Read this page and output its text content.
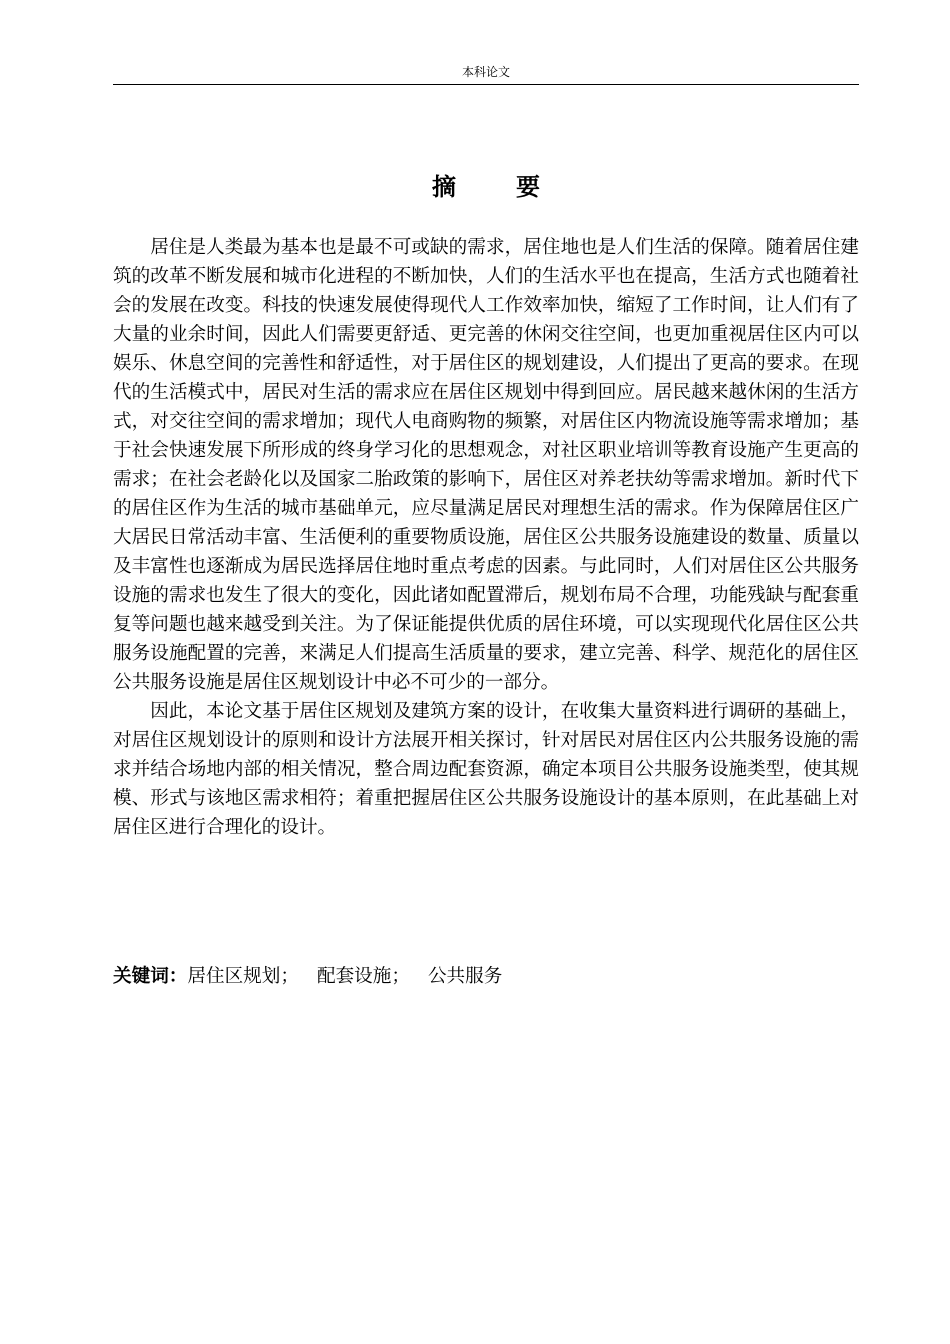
本科论文
摘要

居住是人类最为基本也是最不可或缺的需求，居住地也是人们生活的保障。随着居住建筑的改革不断发展和城市化进程的不断加快，人们的生活水平也在提高，生活方式也随着社会的发展在改变。科技的快速发展使得现代人工作效率加快，缩短了工作时间，让人们有了大量的业余时间，因此人们需要更舒适、更完善的休闲交往空间，也更加重视居住区内可以娱乐、休息空间的完善性和舒适性，对于居住区的规划建设，人们提出了更高的要求。在现代的生活模式中，居民对生活的需求应在居住区规划中得到回应。居民越来越休闲的生活方式，对交往空间的需求增加；现代人电商购物的频繁，对居住区内物流设施等需求增加；基于社会快速发展下所形成的终身学习化的思想观念，对社区职业培训等教育设施产生更高的需求；在社会老龄化以及国家二胎政策的影响下，居住区对养老扶幼等需求增加。新时代下的居住区作为生活的城市基础单元，应尽量满足居民对理想生活的需求。作为保障居住区广大居民日常活动丰富、生活便利的重要物质设施，居住区公共服务设施建设的数量、质量以及丰富性也逐渐成为居民选择居住地时重点考虑的因素。与此同时，人们对居住区公共服务设施的需求也发生了很大的变化，因此诸如配置滞后，规划布局不合理，功能残缺与配套重复等问题也越来越受到关注。为了保证能提供优质的居住环境，可以实现现代化居住区公共服务设施配置的完善，来满足人们提高生活质量的要求，建立完善、科学、规范化的居住区公共服务设施是居住区规划设计中必不可少的一部分。

因此，本论文基于居住区规划及建筑方案的设计，在收集大量资料进行调研的基础上，对居住区规划设计的原则和设计方法展开相关探讨，针对居民对居住区内公共服务设施的需求并结合场地内部的相关情况，整合周边配套资源，确定本项目公共服务设施类型，使其规模、形式与该地区需求相符；着重把握居住区公共服务设施设计的基本原则，在此基础上对居住区进行合理化的设计。

关键词：居住区规划； 配套设施； 公共服务
